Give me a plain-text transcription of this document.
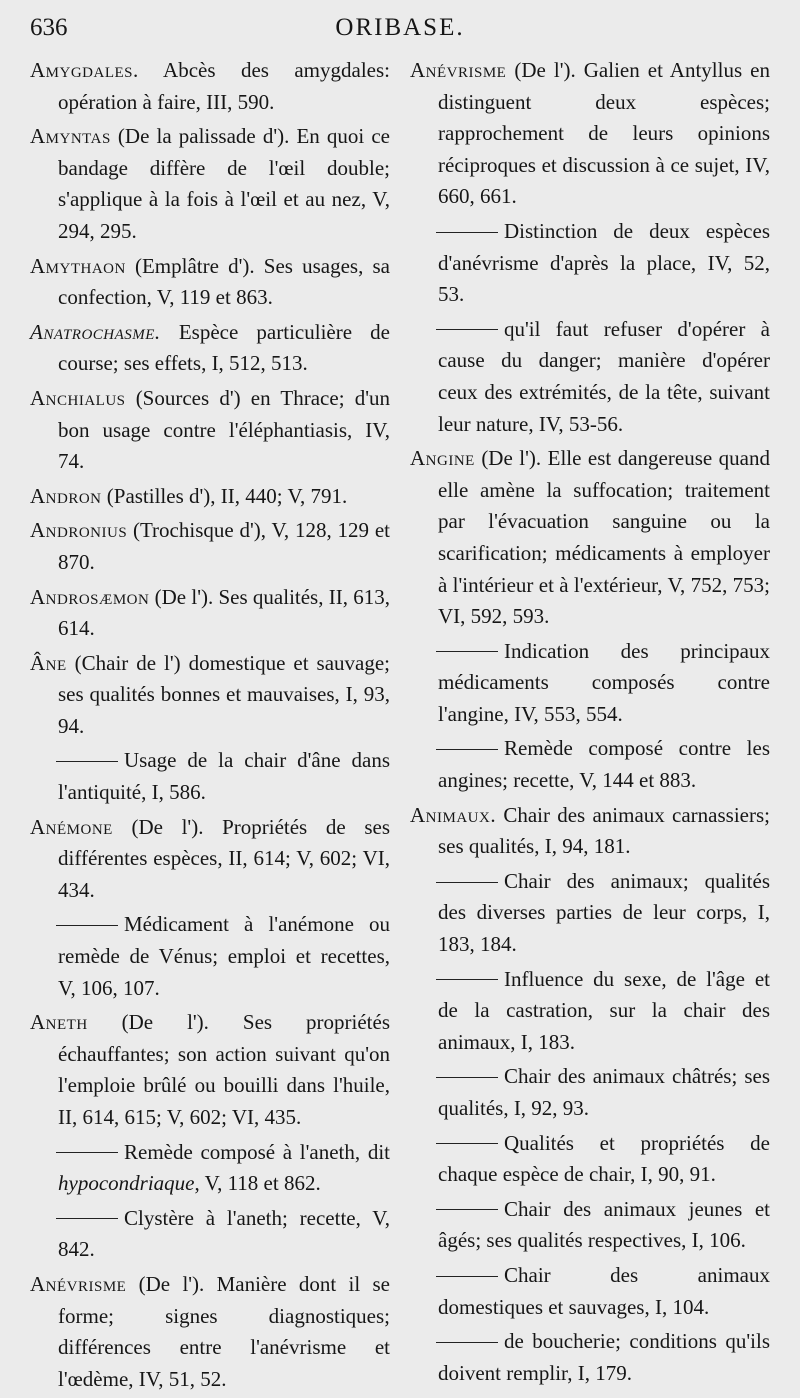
636	ORIBASE.

Amygdales. Abcès des amygdales: opération à faire, III, 590.

Amyntas (De la palissade d'). En quoi ce bandage diffère de l'œil double; s'applique à la fois à l'œil et au nez, V, 294, 295.

Amythaon (Emplâtre d'). Ses usages, sa confection, V, 119 et 863.

Anatrochasme. Espèce particulière de course; ses effets, I, 512, 513.

Anchialus (Sources d') en Thrace; d'un bon usage contre l'éléphantiasis, IV, 74.

Andron (Pastilles d'), II, 440; V, 791.

Andronius (Trochisque d'), V, 128, 129 et 870.

Androsæmon (De l'). Ses qualités, II, 613, 614.

Âne (Chair de l') domestique et sauvage; ses qualités bonnes et mauvaises, I, 93, 94.

Usage de la chair d'âne dans l'antiquité, I, 586.

Anémone (De l'). Propriétés de ses différentes espèces, II, 614; V, 602; VI, 434.

Médicament à l'anémone ou remède de Vénus; emploi et recettes, V, 106, 107.

Aneth (De l'). Ses propriétés échauffantes; son action suivant qu'on l'emploie brûlé ou bouilli dans l'huile, II, 614, 615; V, 602; VI, 435.

Remède composé à l'aneth, dit hypocondriaque, V, 118 et 862.

Clystère à l'aneth; recette, V, 842.

Anévrisme (De l'). Manière dont il se forme; signes diagnostiques; différences entre l'anévrisme et l'œdème, IV, 51, 52.

Anévrisme (De l'). Galien et Antyllus en distinguent deux espèces; rapprochement de leurs opinions réciproques et discussion à ce sujet, IV, 660, 661.

Distinction de deux espèces d'anévrisme d'après la place, IV, 52, 53.

qu'il faut refuser d'opérer à cause du danger; manière d'opérer ceux des extrémités, de la tête, suivant leur nature, IV, 53-56.

Angine (De l'). Elle est dangereuse quand elle amène la suffocation; traitement par l'évacuation sanguine ou la scarification; médicaments à employer à l'intérieur et à l'extérieur, V, 752, 753; VI, 592, 593.

Indication des principaux médicaments composés contre l'angine, IV, 553, 554.

Remède composé contre les angines; recette, V, 144 et 883.

Animaux. Chair des animaux carnassiers; ses qualités, I, 94, 181.

Chair des animaux; qualités des diverses parties de leur corps, I, 183, 184.

Influence du sexe, de l'âge et de la castration, sur la chair des animaux, I, 183.

Chair des animaux châtrés; ses qualités, I, 92, 93.

Qualités et propriétés de chaque espèce de chair, I, 90, 91.

Chair des animaux jeunes et âgés; ses qualités respectives, I, 106.

Chair des animaux domestiques et sauvages, I, 104.

de boucherie; conditions qu'ils doivent remplir, I, 179.
